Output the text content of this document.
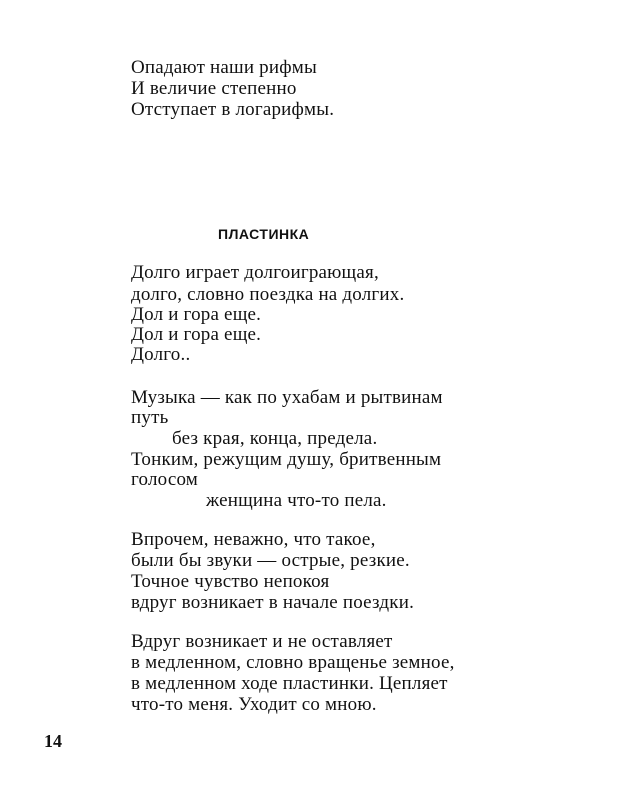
Опадают наши рифмы
И величие степенно
Отступает в логарифмы.
ПЛАСТИНКА
Долго играет долгоиграющая,
долго, словно поездка на долгих.
Дол и гора еще.
Дол и гора еще.
Долго..
Музыка — как по ухабам и рытвинам
путь
без края, конца, предела.
Тонким, режущим душу, бритвенным
голосом
женщина что-то пела.
Впрочем, неважно, что такое,
были бы звуки — острые, резкие.
Точное чувство непокоя
вдруг возникает в начале поездки.
Вдруг возникает и не оставляет
в медленном, словно вращенье земное,
в медленном ходе пластинки. Цепляет
что-то меня. Уходит со мною.
14
